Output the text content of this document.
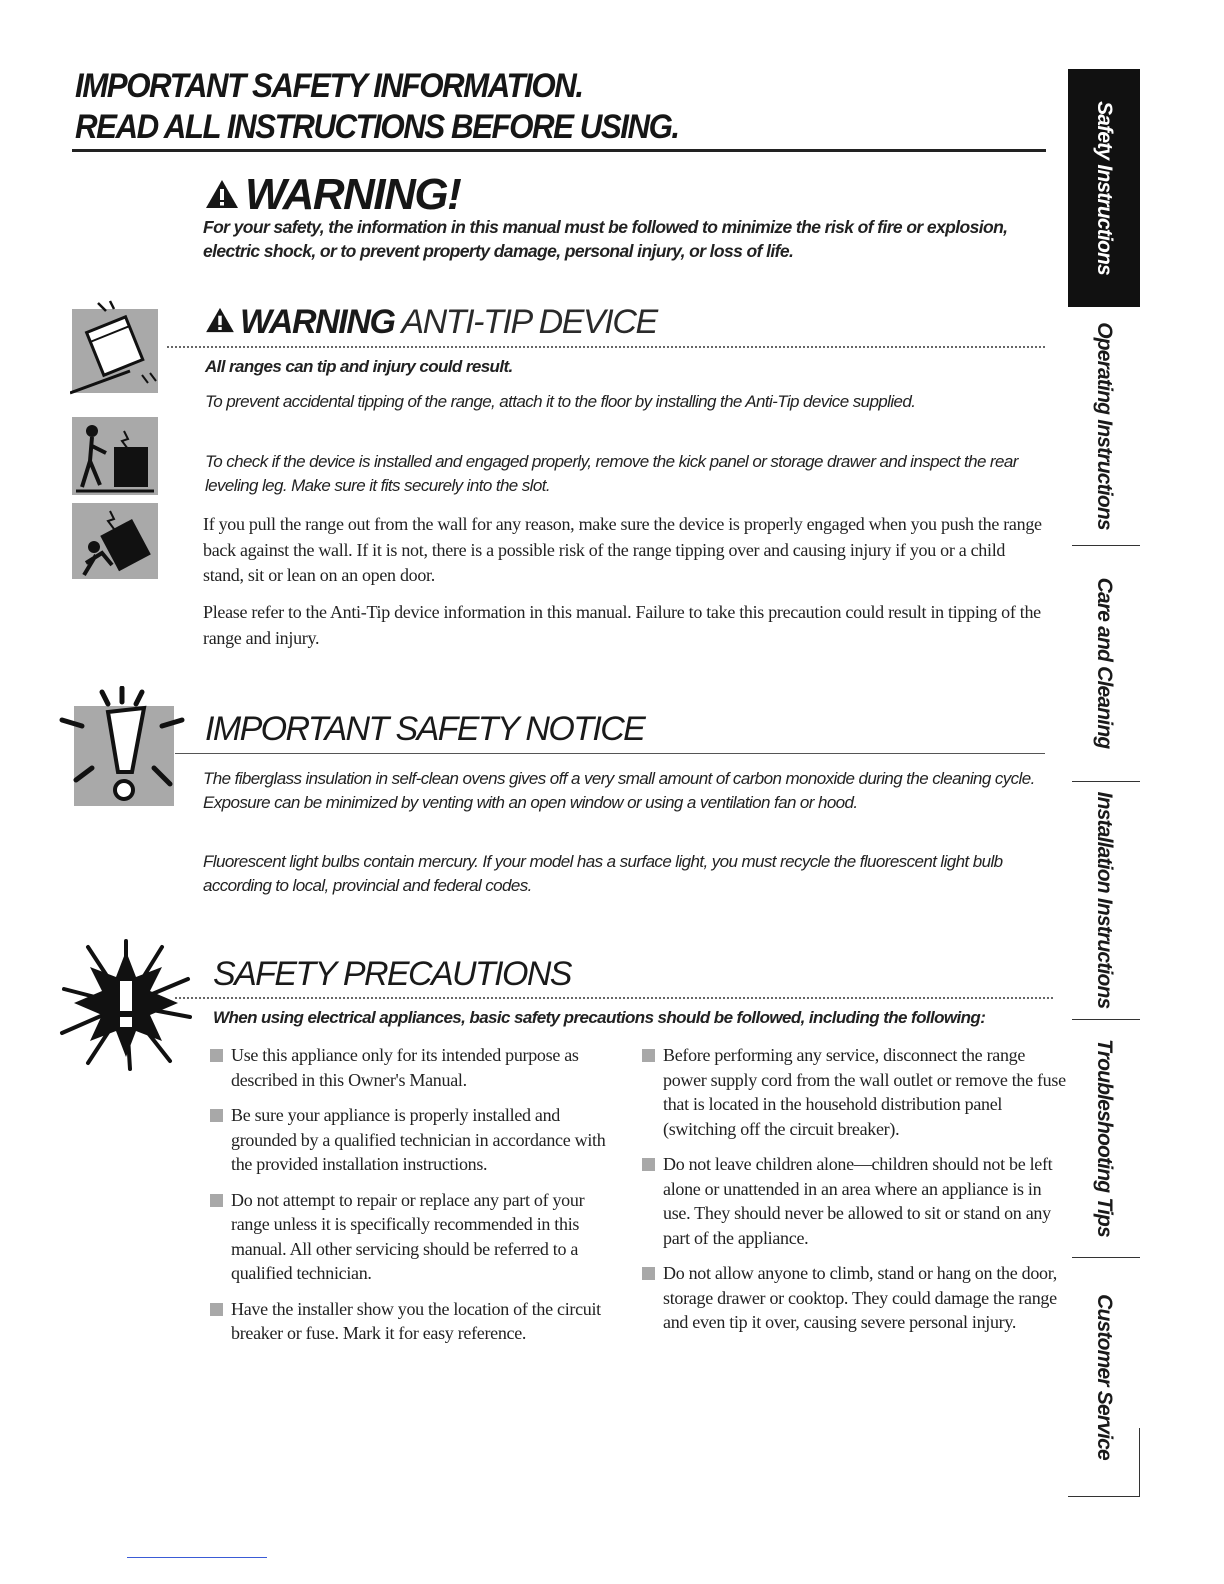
IMPORTANT SAFETY INFORMATION.
READ ALL INSTRUCTIONS BEFORE USING.
WARNING!
For your safety, the information in this manual must be followed to minimize the risk of fire or explosion, electric shock, or to prevent property damage, personal injury, or loss of life.
WARNING ANTI-TIP DEVICE
All ranges can tip and injury could result.
To prevent accidental tipping of the range, attach it to the floor by installing the Anti-Tip device supplied.
To check if the device is installed and engaged properly, remove the kick panel or storage drawer and inspect the rear leveling leg. Make sure it fits securely into the slot.
If you pull the range out from the wall for any reason, make sure the device is properly engaged when you push the range back against the wall. If it is not, there is a possible risk of the range tipping over and causing injury if you or a child stand, sit or lean on an open door.
Please refer to the Anti-Tip device information in this manual. Failure to take this precaution could result in tipping of the range and injury.
IMPORTANT SAFETY NOTICE
The fiberglass insulation in self-clean ovens gives off a very small amount of carbon monoxide during the cleaning cycle. Exposure can be minimized by venting with an open window or using a ventilation fan or hood.
Fluorescent light bulbs contain mercury. If your model has a surface light, you must recycle the fluorescent light bulb according to local, provincial and federal codes.
SAFETY PRECAUTIONS
When using electrical appliances, basic safety precautions should be followed, including the following:
Use this appliance only for its intended purpose as described in this Owner's Manual.
Be sure your appliance is properly installed and grounded by a qualified technician in accordance with the provided installation instructions.
Do not attempt to repair or replace any part of your range unless it is specifically recommended in this manual. All other servicing should be referred to a qualified technician.
Have the installer show you the location of the circuit breaker or fuse. Mark it for easy reference.
Before performing any service, disconnect the range power supply cord from the wall outlet or remove the fuse that is located in the household distribution panel (switching off the circuit breaker).
Do not leave children alone—children should not be left alone or unattended in an area where an appliance is in use. They should never be allowed to sit or stand on any part of the appliance.
Do not allow anyone to climb, stand or hang on the door, storage drawer or cooktop. They could damage the range and even tip it over, causing severe personal injury.
Safety Instructions
Operating Instructions
Care and Cleaning
Installation Instructions
Troubleshooting Tips
Customer Service
